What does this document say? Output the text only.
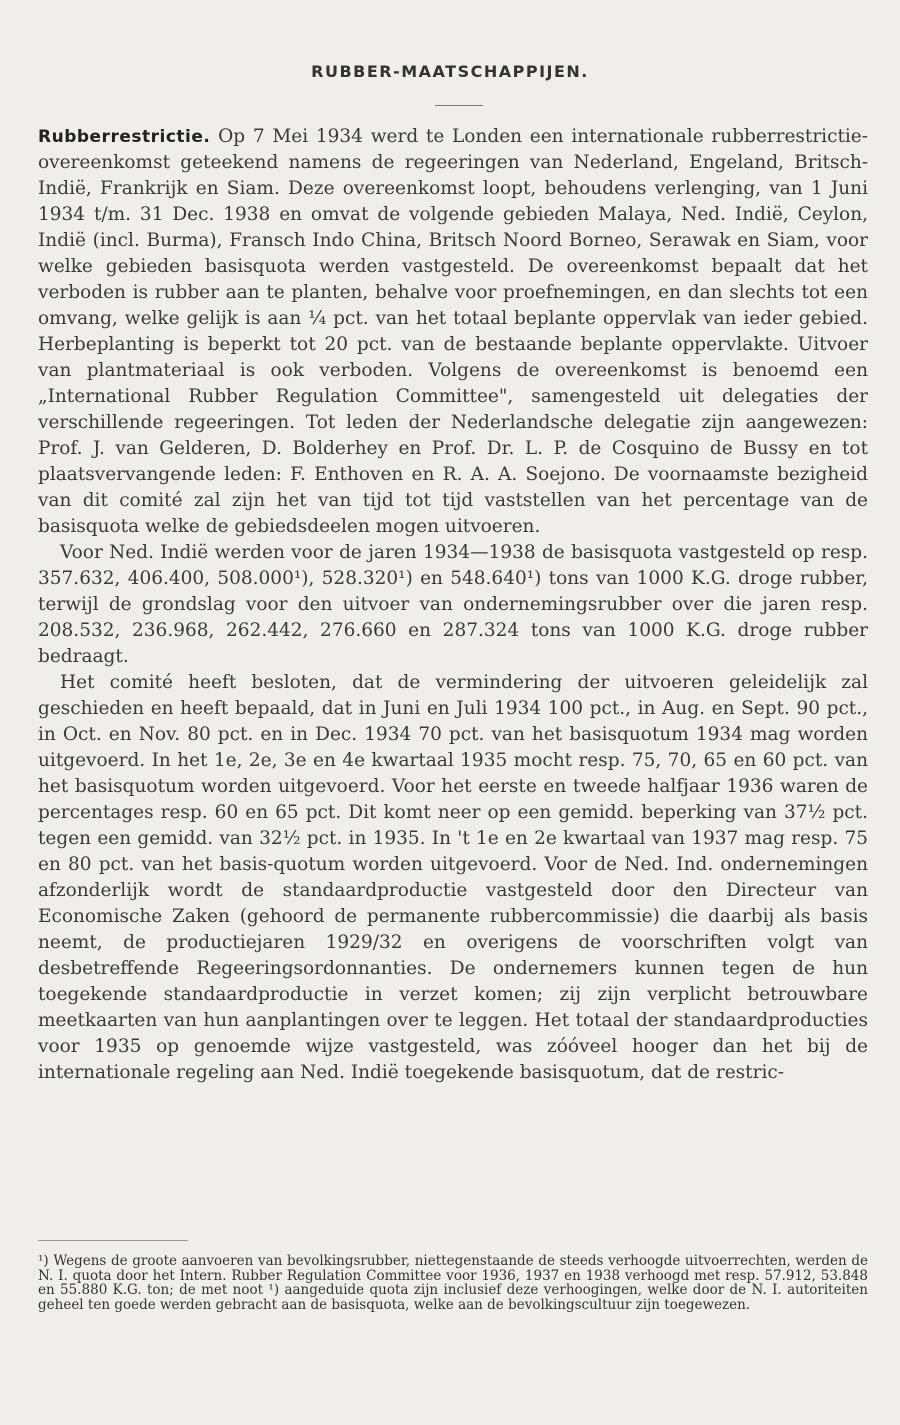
RUBBER-MAATSCHAPPIJEN.

Rubberrestrictie. Op 7 Mei 1934 werd te Londen een internationale rubberrestrictie-overeenkomst geteekend namens de regeeringen van Nederland, Engeland, Britsch-Indië, Frankrijk en Siam. Deze overeenkomst loopt, behoudens verlenging, van 1 Juni 1934 t/m. 31 Dec. 1938 en omvat de volgende gebieden Malaya, Ned. Indië, Ceylon, Indië (incl. Burma), Fransch Indo China, Britsch Noord Borneo, Serawak en Siam, voor welke gebieden basisquota werden vastgesteld. De overeenkomst bepaalt dat het verboden is rubber aan te planten, behalve voor proefnemingen, en dan slechts tot een omvang, welke gelijk is aan ¼ pct. van het totaal beplante oppervlak van ieder gebied. Herbeplanting is beperkt tot 20 pct. van de bestaande beplante oppervlakte. Uitvoer van plantmateriaal is ook verboden. Volgens de overeenkomst is benoemd een „International Rubber Regulation Committee", samengesteld uit delegaties der verschillende regeeringen. Tot leden der Nederlandsche delegatie zijn aangewezen: Prof. J. van Gelderen, D. Bolderhey en Prof. Dr. L. P. de Cosquino de Bussy en tot plaatsvervangende leden: F. Enthoven en R. A. A. Soejono. De voornaamste bezigheid van dit comité zal zijn het van tijd tot tijd vaststellen van het percentage van de basisquota welke de gebiedsdeelen mogen uitvoeren.

Voor Ned. Indië werden voor de jaren 1934—1938 de basisquota vastgesteld op resp. 357.632, 406.400, 508.000¹), 528.320¹) en 548.640¹) tons van 1000 K.G. droge rubber, terwijl de grondslag voor den uitvoer van ondernemingsrubber over die jaren resp. 208.532, 236.968, 262.442, 276.660 en 287.324 tons van 1000 K.G. droge rubber bedraagt.

Het comité heeft besloten, dat de vermindering der uitvoeren geleidelijk zal geschieden en heeft bepaald, dat in Juni en Juli 1934 100 pct., in Aug. en Sept. 90 pct., in Oct. en Nov. 80 pct. en in Dec. 1934 70 pct. van het basisquotum 1934 mag worden uitgevoerd. In het 1e, 2e, 3e en 4e kwartaal 1935 mocht resp. 75, 70, 65 en 60 pct. van het basisquotum worden uitgevoerd. Voor het eerste en tweede halfjaar 1936 waren de percentages resp. 60 en 65 pct. Dit komt neer op een gemidd. beperking van 37½ pct. tegen een gemidd. van 32½ pct. in 1935. In 't 1e en 2e kwartaal van 1937 mag resp. 75 en 80 pct. van het basis-quotum worden uitgevoerd. Voor de Ned. Ind. ondernemingen afzonderlijk wordt de standaardproductie vastgesteld door den Directeur van Economische Zaken (gehoord de permanente rubbercommissie) die daarbij als basis neemt, de productiejaren 1929/32 en overigens de voorschriften volgt van desbetreffende Regeeringsordonnanties. De ondernemers kunnen tegen de hun toegekende standaardproductie in verzet komen; zij zijn verplicht betrouwbare meetkaarten van hun aanplantingen over te leggen. Het totaal der standaardproducties voor 1935 op genoemde wijze vastgesteld, was zóóveel hooger dan het bij de internationale regeling aan Ned. Indië toegekende basisquotum, dat de restric-

¹) Wegens de groote aanvoeren van bevolkingsrubber, niettegenstaande de steeds verhoogde uitvoerrechten, werden de N. I. quota door het Intern. Rubber Regulation Committee voor 1936, 1937 en 1938 verhoogd met resp. 57.912, 53.848 en 55.880 K.G. ton; de met noot ¹) aangeduide quota zijn inclusief deze verhoogingen, welke door de N. I. autoriteiten geheel ten goede werden gebracht aan de basisquota, welke aan de bevolkingscultuur zijn toegewezen.
